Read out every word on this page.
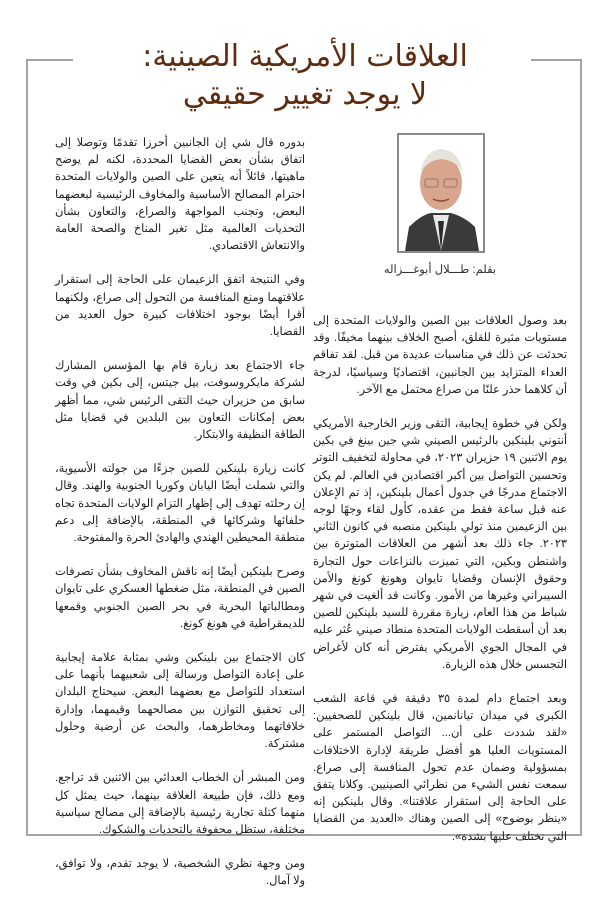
العلاقات الأمريكية الصينية:
لا يوجد تغيير حقيقي
بقلم: طـــلال أبوغـــزاله

بعد وصول العلاقات بين الصين والولايات المتحدة إلى مستويات مثيرة للقلق، أصبح الخلاف بينهما مخيفًا. وقد تحدثت عن ذلك في مناسبات عديدة من قبل. لقد تفاقم العداء المتزايد بين الجانبين، اقتصاديًا وسياسيًا، لدرجة أن كلاهما حذر علنًا من صراع محتمل مع الآخر.

ولكن في خطوة إيجابية، التقى وزير الخارجية الأمريكي أنتوني بلينكين بالرئيس الصيني شي جين بينغ في بكين يوم الاثنين ١٩ حزيران ٢٠٢٣، في محاولة لتخفيف التوتر وتحسين التواصل بين أكبر اقتصادين في العالم. لم يكن الاجتماع مدرجًا في جدول أعمال بلينكين، إذ تم الإعلان عنه قبل ساعة فقط من عقده، كأول لقاء وجهًا لوجه بين الزعيمين منذ تولي بلينكين منصبه في كانون الثاني ٢٠٢٣. جاء ذلك بعد أشهر من العلاقات المتوترة بين واشنطن وبكين، التي تميزت بالنزاعات حول التجارة وحقوق الإنسان وقضايا تايوان وهونغ كونغ والأمن السيبراني وغيرها من الأمور. وكانت قد ألغيت في شهر شباط من هذا العام، زيارة مقررة للسيد بلينكين للصين بعد أن أسقطت الولايات المتحدة منطاد صيني عُثر عليه في المجال الجوي الأمريكي يفترض أنه كان لأغراض التجسس خلال هذه الزيارة.

وبعد اجتماع دام لمدة ٣٥ دقيقة في قاعة الشعب الكبرى في ميدان تيانانمين، قال بلينكين للصحفيين: «لقد شددت على أن... التواصل المستمر على المستويات العليا هو أفضل طريقة لإدارة الاختلافات بمسؤولية وضمان عدم تحول المنافسة إلى صراع. سمعت نفس الشيء من نظرائي الصينيين. وكلانا يتفق على الحاجة إلى استقرار علاقتنا». وقال بلينكين إنه «ينظر بوضوح» إلى الصين وهناك «العديد من القضايا التي نختلف عليها بشدة».

بدوره قال شي إن الجانبين أحرزا تقدمًا وتوصلا إلى اتفاق بشأن بعض القضايا المحددة، لكنه لم يوضح ماهيتها، قائلاً أنه يتعين على الصين والولايات المتحدة احترام المصالح الأساسية والمخاوف الرئيسية لبعضهما البعض، وتجنب المواجهة والصراع، والتعاون بشأن التحديات العالمية مثل تغير المناخ والصحة العامة والانتعاش الاقتصادي.

وفي النتيجة اتفق الزعيمان على الحاجة إلى استقرار علاقتهما ومنع المنافسة من التحول إلى صراع، ولكنهما أقرا أيضًا بوجود اختلافات كبيرة حول العديد من القضايا.

جاء الاجتماع بعد زيارة قام بها المؤسس المشارك لشركة مايكروسوفت، بيل جيتس، إلى بكين في وقت سابق من حزيران حيث التقى الرئيس شي، مما أظهر بعض إمكانات التعاون بين البلدين في قضايا مثل الطاقة النظيفة والابتكار.

كانت زيارة بلينكين للصين جزءًا من جولته الأسيوية، والتي شملت أيضًا اليابان وكوريا الجنوبية والهند. وقال إن رحلته تهدف إلى إظهار التزام الولايات المتحدة تجاه حلفائها وشركائها في المنطقة، بالإضافة إلى دعم منطقة المحيطين الهندي والهادئ الحرة والمفتوحة.

وصرح بلينكين أيضًا إنه ناقش المخاوف بشأن تصرفات الصين في المنطقة، مثل ضغطها العسكري على تايوان ومطالباتها البحرية في بحر الصين الجنوبي وقمعها للديمقراطية في هونغ كونغ.

كان الاجتماع بين بلينكين وشي بمثابة علامة إيجابية على إعادة التواصل ورسالة إلى شعبيهما بأنهما على استعداد للتواصل مع بعضهما البعض. سيحتاج البلدان إلى تحقيق التوازن بين مصالحهما وقيمهما، وإدارة خلافاتهما ومخاطرهما، والبحث عن أرضية وحلول مشتركة.

ومن المبشر أن الخطاب العدائي بين الاثنين قد تراجع. ومع ذلك، فإن طبيعة العلاقة بينهما، حيث يمثل كل منهما كتلة تجارية رئيسية بالإضافة إلى مصالح سياسية مختلفة، ستظل محفوفة بالتحديات والشكوك.

ومن وجهة نظري الشخصية، لا يوجد تقدم، ولا توافق، ولا آمال.
